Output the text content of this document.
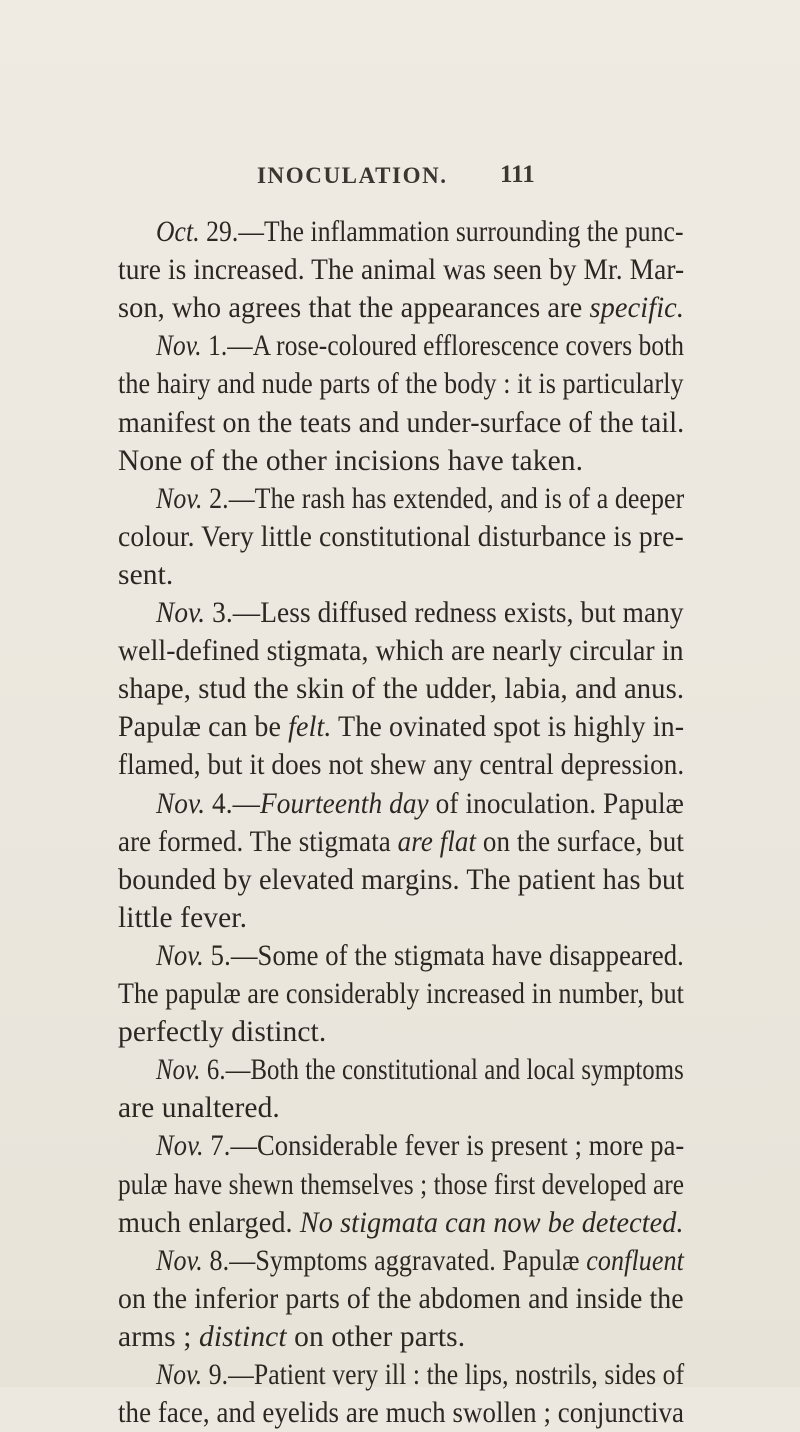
INOCULATION. 111
Oct. 29.—The inflammation surrounding the punc-
ture is increased. The animal was seen by Mr. Mar-
son, who agrees that the appearances are specific.
Nov. 1.—A rose-coloured efflorescence covers both
the hairy and nude parts of the body : it is particularly
manifest on the teats and under-surface of the tail.
None of the other incisions have taken.
Nov. 2.—The rash has extended, and is of a deeper
colour. Very little constitutional disturbance is pre-
sent.
Nov. 3.—Less diffused redness exists, but many
well-defined stigmata, which are nearly circular in
shape, stud the skin of the udder, labia, and anus.
Papulæ can be felt. The ovinated spot is highly in-
flamed, but it does not shew any central depression.
Nov. 4.—Fourteenth day of inoculation. Papulæ
are formed. The stigmata are flat on the surface, but
bounded by elevated margins. The patient has but
little fever.
Nov. 5.—Some of the stigmata have disappeared.
The papulæ are considerably increased in number, but
perfectly distinct.
Nov. 6.—Both the constitutional and local symptoms
are unaltered.
Nov. 7.—Considerable fever is present ; more pa-
pulæ have shewn themselves ; those first developed are
much enlarged. No stigmata can now be detected.
Nov. 8.—Symptoms aggravated. Papulæ confluent
on the inferior parts of the abdomen and inside the
arms ; distinct on other parts.
Nov. 9.—Patient very ill : the lips, nostrils, sides of
the face, and eyelids are much swollen ; conjunctiva
